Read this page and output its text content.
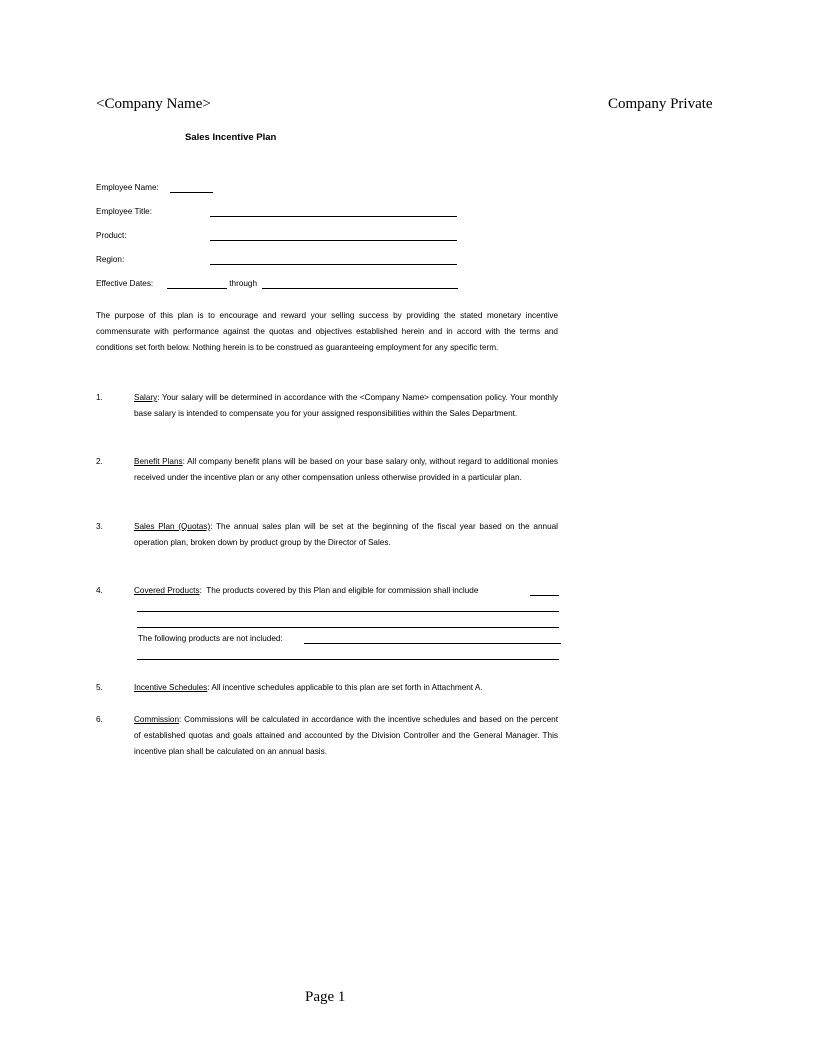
<Company Name>	Company Private
Sales Incentive Plan
Employee Name:
Employee Title:
Product:
Region:
Effective Dates:	through
The purpose of this plan is to encourage and reward your selling success by providing the stated monetary incentive commensurate with performance against the quotas and objectives established herein and in accord with the terms and conditions set forth below. Nothing herein is to be construed as guaranteeing employment for any specific term.
1.	Salary: Your salary will be determined in accordance with the <Company Name> compensation policy. Your monthly base salary is intended to compensate you for your assigned responsibilities within the Sales Department.
2.	Benefit Plans: All company benefit plans will be based on your base salary only, without regard to additional monies received under the incentive plan or any other compensation unless otherwise provided in a particular plan.
3.	Sales Plan (Quotas): The annual sales plan will be set at the beginning of the fiscal year based on the annual operation plan, broken down by product group by the Director of Sales.
4.	Covered Products:  The products covered by this Plan and eligible for commission shall include
The following products are not included:
5.	Incentive Schedules: All incentive schedules applicable to this plan are set forth in Attachment A.
6.	Commission: Commissions will be calculated in accordance with the incentive schedules and based on the percent of established quotas and goals attained and accounted by the Division Controller and the General Manager. This incentive plan shall be calculated on an annual basis.
Page 1
